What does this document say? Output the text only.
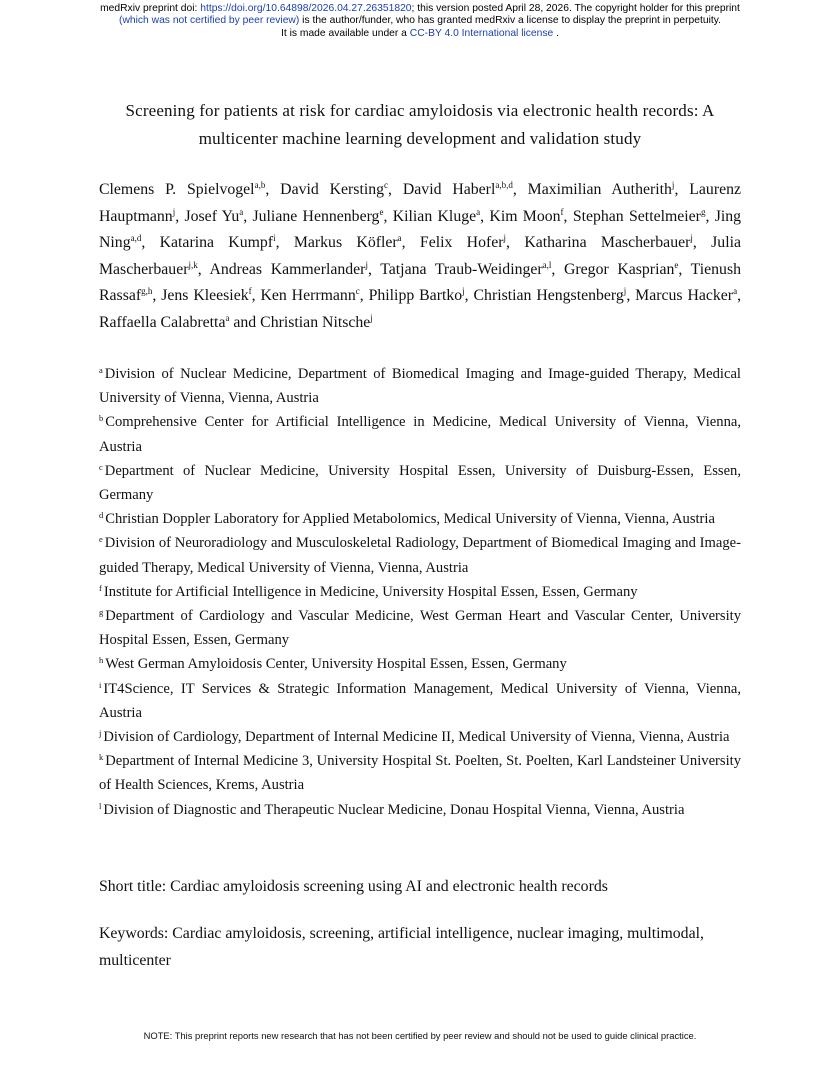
medRxiv preprint doi: https://doi.org/10.64898/2026.04.27.26351820; this version posted April 28, 2026. The copyright holder for this preprint
(which was not certified by peer review) is the author/funder, who has granted medRxiv a license to display the preprint in perpetuity.
It is made available under a CC-BY 4.0 International license .
Screening for patients at risk for cardiac amyloidosis via electronic health records: A
multicenter machine learning development and validation study
Clemens P. Spielvogel$^{a,b}$, David Kersting$^c$, David Haberl$^{a,b,d}$, Maximilian Autherith$^j$, Laurenz Hauptmann$^j$, Josef Yu$^a$, Juliane Hennenberg$^e$, Kilian Kluge$^a$, Kim Moon$^f$, Stephan Settelmeier$^g$, Jing Ning$^{a,d}$, Katarina Kumpf$^i$, Markus Köfler$^a$, Felix Hofer$^j$, Katharina Mascherbauer$^j$, Julia Mascherbauer$^{j,k}$, Andreas Kammerlander$^j$, Tatjana Traub-Weidinger$^{a,l}$, Gregor Kasprian$^e$, Tienush Rassaf$^{g,h}$, Jens Kleesiek$^f$, Ken Herrmann$^c$, Philipp Bartko$^j$, Christian Hengstenberg$^j$, Marcus Hacker$^a$, Raffaella Calabretta$^a$ and Christian Nitsche$^j$

$^a$ Division of Nuclear Medicine, Department of Biomedical Imaging and Image-guided Therapy, Medical University of Vienna, Vienna, Austria

$^b$ Comprehensive Center for Artificial Intelligence in Medicine, Medical University of Vienna, Vienna, Austria

$^c$ Department of Nuclear Medicine, University Hospital Essen, University of Duisburg-Essen, Essen, Germany

$^d$ Christian Doppler Laboratory for Applied Metabolomics, Medical University of Vienna, Vienna, Austria

$^e$ Division of Neuroradiology and Musculoskeletal Radiology, Department of Biomedical Imaging and Image-guided Therapy, Medical University of Vienna, Vienna, Austria

$^f$ Institute for Artificial Intelligence in Medicine, University Hospital Essen, Essen, Germany

$^g$ Department of Cardiology and Vascular Medicine, West German Heart and Vascular Center, University Hospital Essen, Essen, Germany

$^h$ West German Amyloidosis Center, University Hospital Essen, Essen, Germany

$^i$ IT4Science, IT Services & Strategic Information Management, Medical University of Vienna, Vienna, Austria

$^j$ Division of Cardiology, Department of Internal Medicine II, Medical University of Vienna, Vienna, Austria

$^k$ Department of Internal Medicine 3, University Hospital St. Poelten, St. Poelten, Karl Landsteiner University of Health Sciences, Krems, Austria

$^l$ Division of Diagnostic and Therapeutic Nuclear Medicine, Donau Hospital Vienna, Vienna, Austria

Short title: Cardiac amyloidosis screening using AI and electronic health records
Keywords: Cardiac amyloidosis, screening, artificial intelligence, nuclear imaging, multimodal, multicenter
NOTE: This preprint reports new research that has not been certified by peer review and should not be used to guide clinical practice.
